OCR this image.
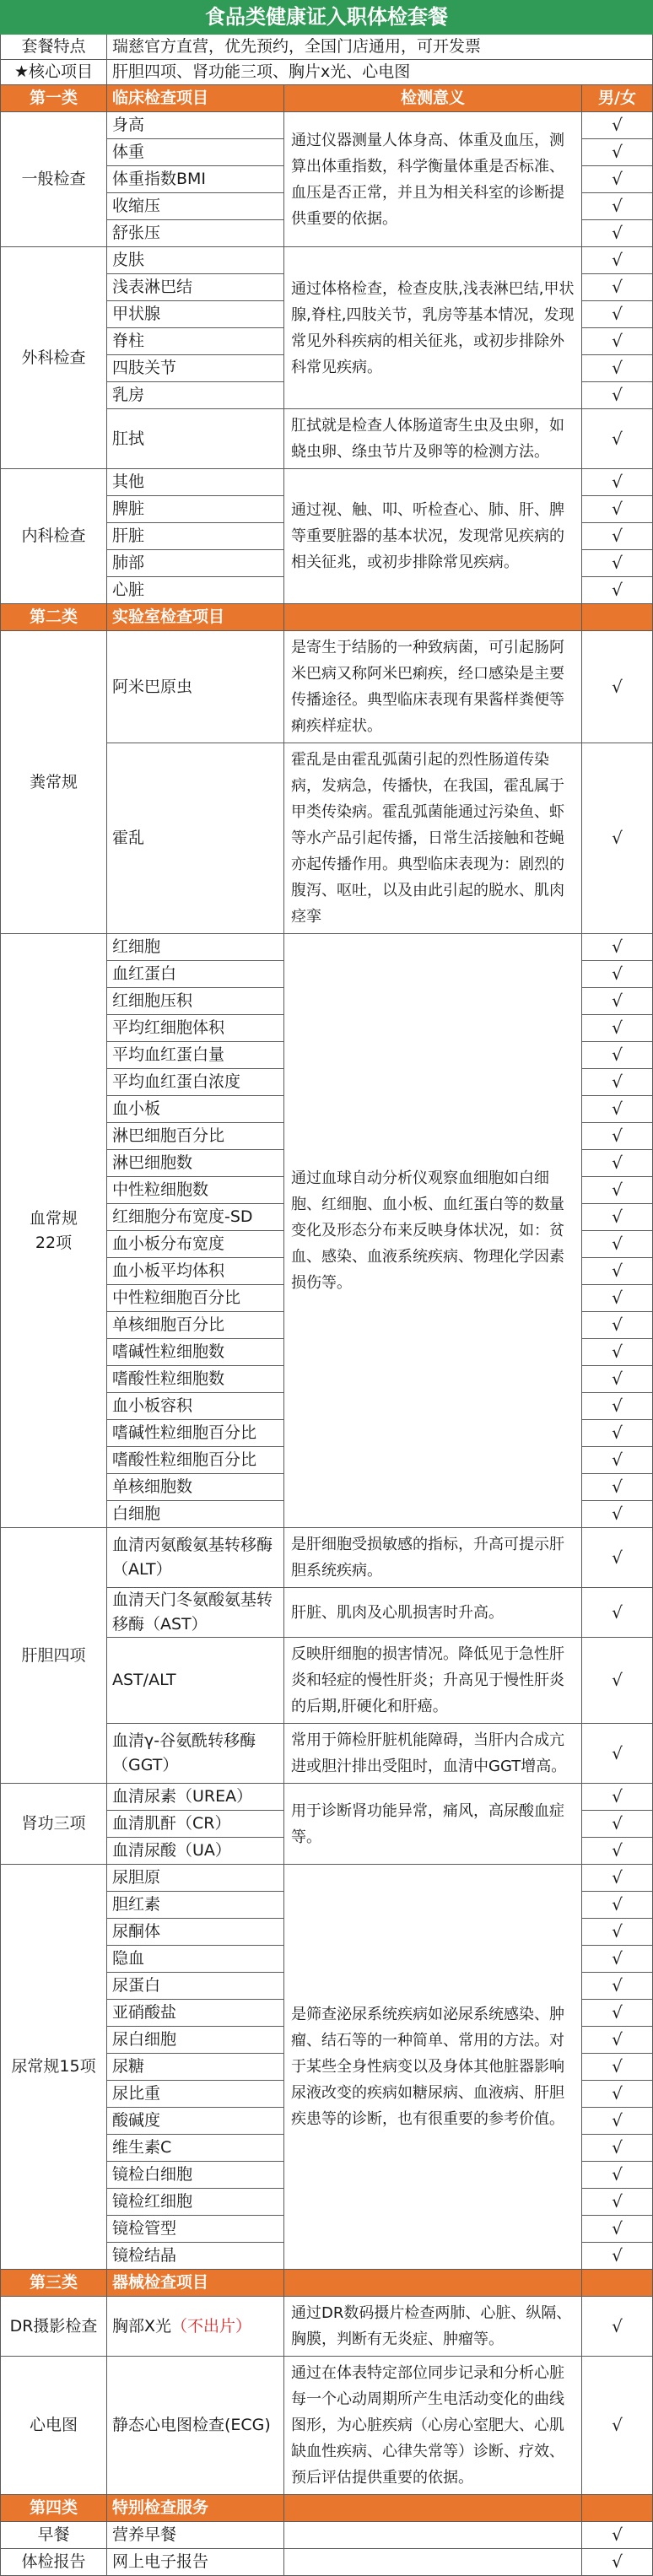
食品类健康证入职体检套餐			
套餐特点	瑞慈官方直营，优先预约，全国门店通用，可开发票		
★核心项目	肝胆四项、肾功能三项、胸片x光、心电图		
第一类	临床检查项目	检测意义	男/女
一般检查	身高	通过仪器测量人体身高、体重及血压，测算出体重指数，科学衡量体重是否标准、血压是否正常，并且为相关科室的诊断提供重要的依据。	√
	体重		√
	体重指数BMI		√
	收缩压		√
	舒张压		√
外科检查	皮肤	通过体格检查，检查皮肤,浅表淋巴结,甲状腺,脊柱,四肢关节，乳房等基本情况，发现常见外科疾病的相关征兆，或初步排除外科常见疾病。	√
	浅表淋巴结		√
	甲状腺		√
	脊柱		√
	四肢关节		√
	乳房		√
	肛拭	肛拭就是检查人体肠道寄生虫及虫卵，如蛲虫卵、绦虫节片及卵等的检测方法。	√
内科检查	其他	通过视、触、叩、听检查心、肺、肝、脾等重要脏器的基本状况，发现常见疾病的相关征兆，或初步排除常见疾病。	√
	脾脏		√
	肝脏		√
	肺部		√
	心脏		√
第二类	实验室检查项目		
粪常规	阿米巴原虫	是寄生于结肠的一种致病菌，可引起肠阿米巴病又称阿米巴痢疾，经口感染是主要传播途径。典型临床表现有果酱样粪便等痢疾样症状。	√
	霍乱	霍乱是由霍乱弧菌引起的烈性肠道传染病，发病急，传播快，在我国，霍乱属于甲类传染病。霍乱弧菌能通过污染鱼、虾等水产品引起传播，日常生活接触和苍蝇亦起传播作用。典型临床表现为：剧烈的腹泻、呕吐，以及由此引起的脱水、肌肉痉挛	√
血常规
22项	红细胞	通过血球自动分析仪观察血细胞如白细胞、红细胞、血小板、血红蛋白等的数量变化及形态分布来反映身体状况，如：贫血、感染、血液系统疾病、物理化学因素损伤等。	√
	血红蛋白		√
	红细胞压积		√
	平均红细胞体积		√
	平均血红蛋白量		√
	平均血红蛋白浓度		√
	血小板		√
	淋巴细胞百分比		√
	淋巴细胞数		√
	中性粒细胞数		√
	红细胞分布宽度-SD		√
	血小板分布宽度		√
	血小板平均体积		√
	中性粒细胞百分比		√
	单核细胞百分比		√
	嗜碱性粒细胞数		√
	嗜酸性粒细胞数		√
	血小板容积		√
	嗜碱性粒细胞百分比		√
	嗜酸性粒细胞百分比		√
	单核细胞数		√
	白细胞		√
肝胆四项	血清丙氨酸氨基转移酶（ALT）	是肝细胞受损敏感的指标，升高可提示肝胆系统疾病。	√
	血清天门冬氨酸氨基转移酶（AST）	肝脏、肌肉及心肌损害时升高。	√
	AST/ALT	反映肝细胞的损害情况。降低见于急性肝炎和轻症的慢性肝炎；升高见于慢性肝炎的后期,肝硬化和肝癌。	√
	血清γ-谷氨酰转移酶（GGT）	常用于筛检肝脏机能障碍，当肝内合成亢进或胆汁排出受阻时，血清中GGT增高。	√
肾功三项	血清尿素（UREA）	用于诊断肾功能异常，痛风，高尿酸血症等。	√
	血清肌酐（CR）		√
	血清尿酸（UA）		√
尿常规15项	尿胆原	是筛查泌尿系统疾病如泌尿系统感染、肿瘤、结石等的一种简单、常用的方法。对于某些全身性病变以及身体其他脏器影响尿液改变的疾病如糖尿病、血液病、肝胆疾患等的诊断，也有很重要的参考价值。	√
	胆红素		√
	尿酮体		√
	隐血		√
	尿蛋白		√
	亚硝酸盐		√
	尿白细胞		√
	尿糖		√
	尿比重		√
	酸碱度		√
	维生素C		√
	镜检白细胞		√
	镜检红细胞		√
	镜检管型		√
	镜检结晶		√
第三类	器械检查项目		
DR摄影检查	胸部X光（不出片）	通过DR数码摄片检查两肺、心脏、纵隔、胸膜，判断有无炎症、肿瘤等。	√
心电图	静态心电图检查(ECG)	通过在体表特定部位同步记录和分析心脏每一个心动周期所产生电活动变化的曲线图形，为心脏疾病（心房心室肥大、心肌缺血性疾病、心律失常等）诊断、疗效、预后评估提供重要的依据。	√
第四类	特别检查服务		
早餐	营养早餐		√
体检报告	网上电子报告		√
